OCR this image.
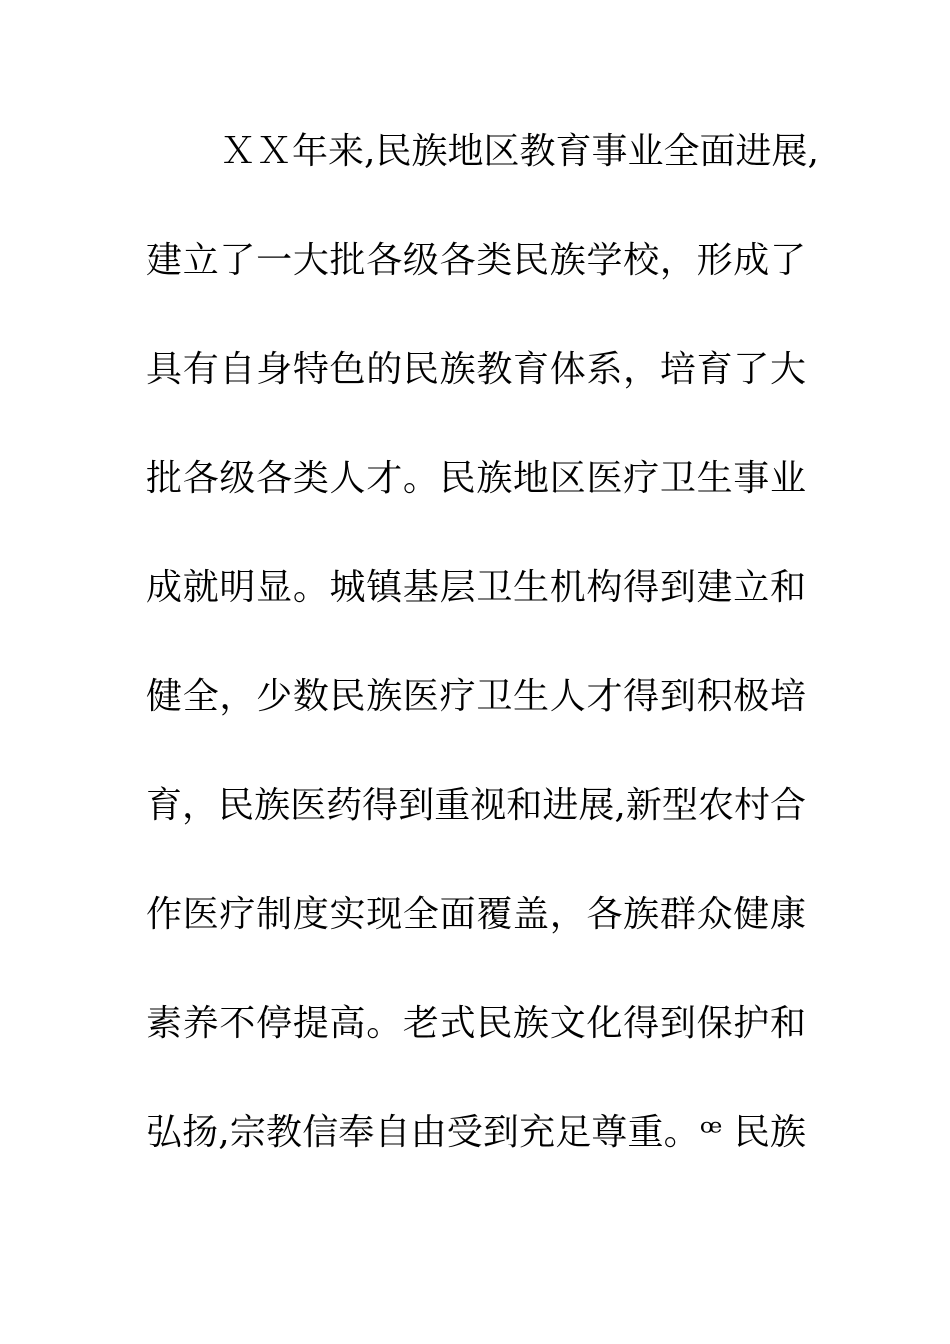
ＸＸ年来,民族地区教育事业全面进展,
建立了一大批各级各类民族学校，形成了
具有自身特色的民族教育体系，培育了大
批各级各类人才。民族地区医疗卫生事业
成就明显。城镇基层卫生机构得到建立和
健全，少数民族医疗卫生人才得到积极培
育，民族医药得到重视和进展,新型农村合
作医疗制度实现全面覆盖，各族群众健康
素养不停提高。老式民族文化得到保护和
弘扬,宗教信奉自由受到充足尊重。ꟹ 民族
